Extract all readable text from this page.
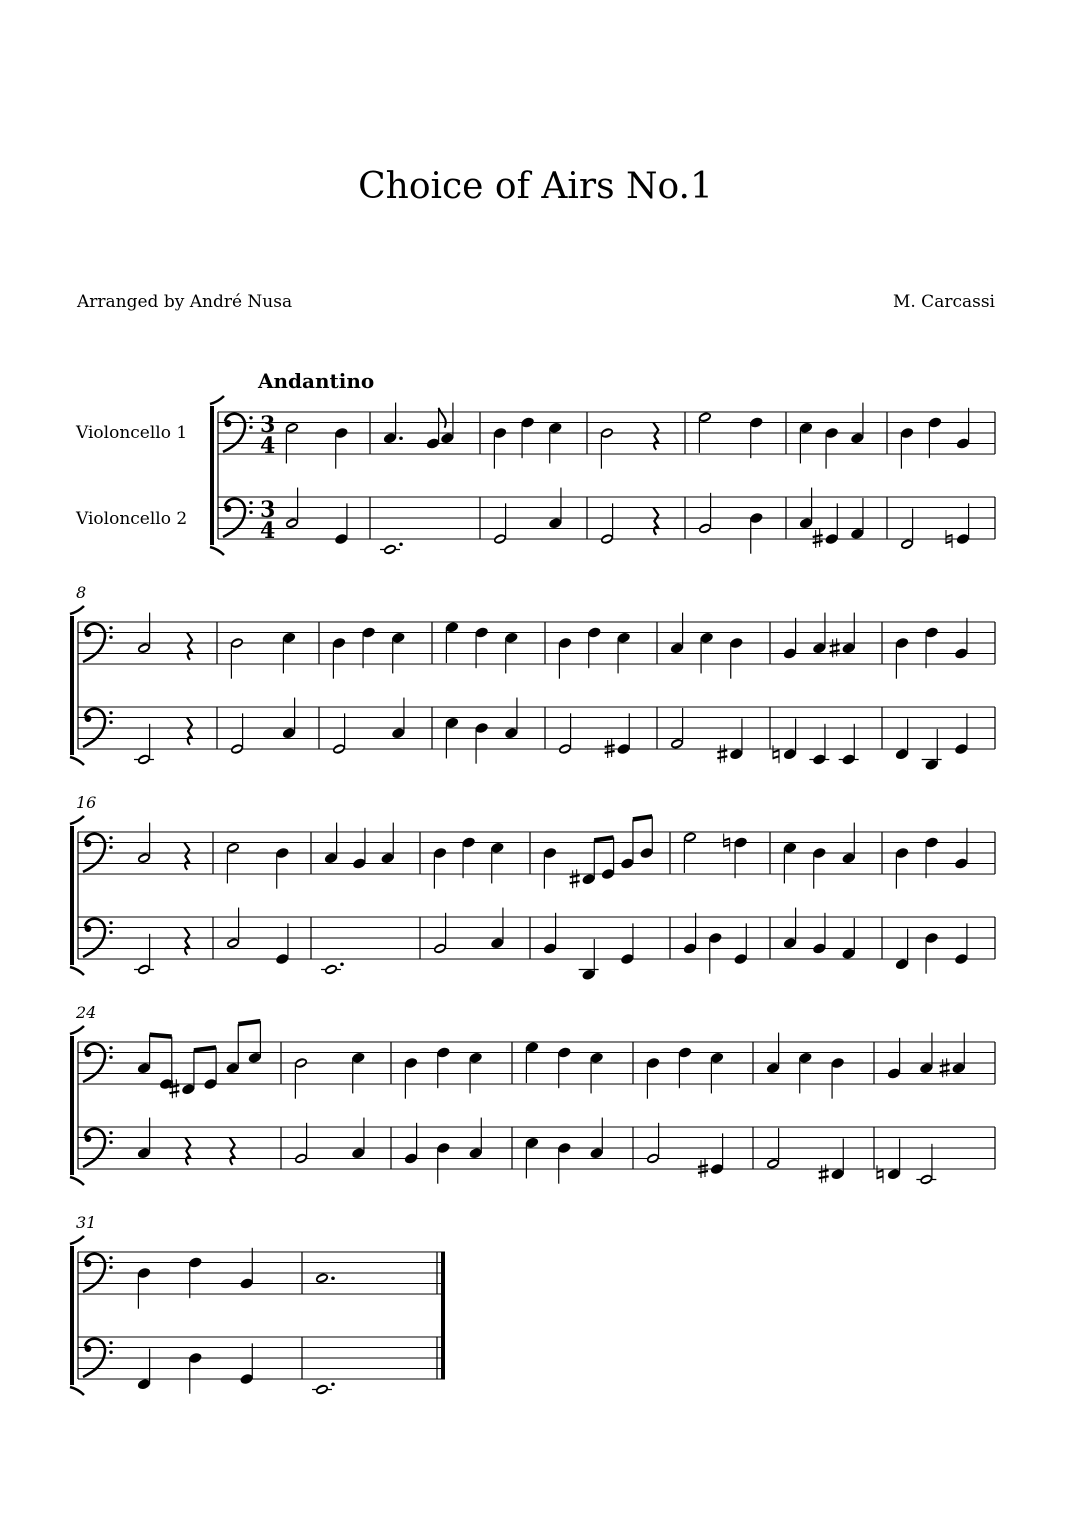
Choice of Airs No.1
Arranged by André Nusa	M. Carcassi
Andantino
Violoncello 1
Violoncello 2
3
4
3
4
8
16
24
31
